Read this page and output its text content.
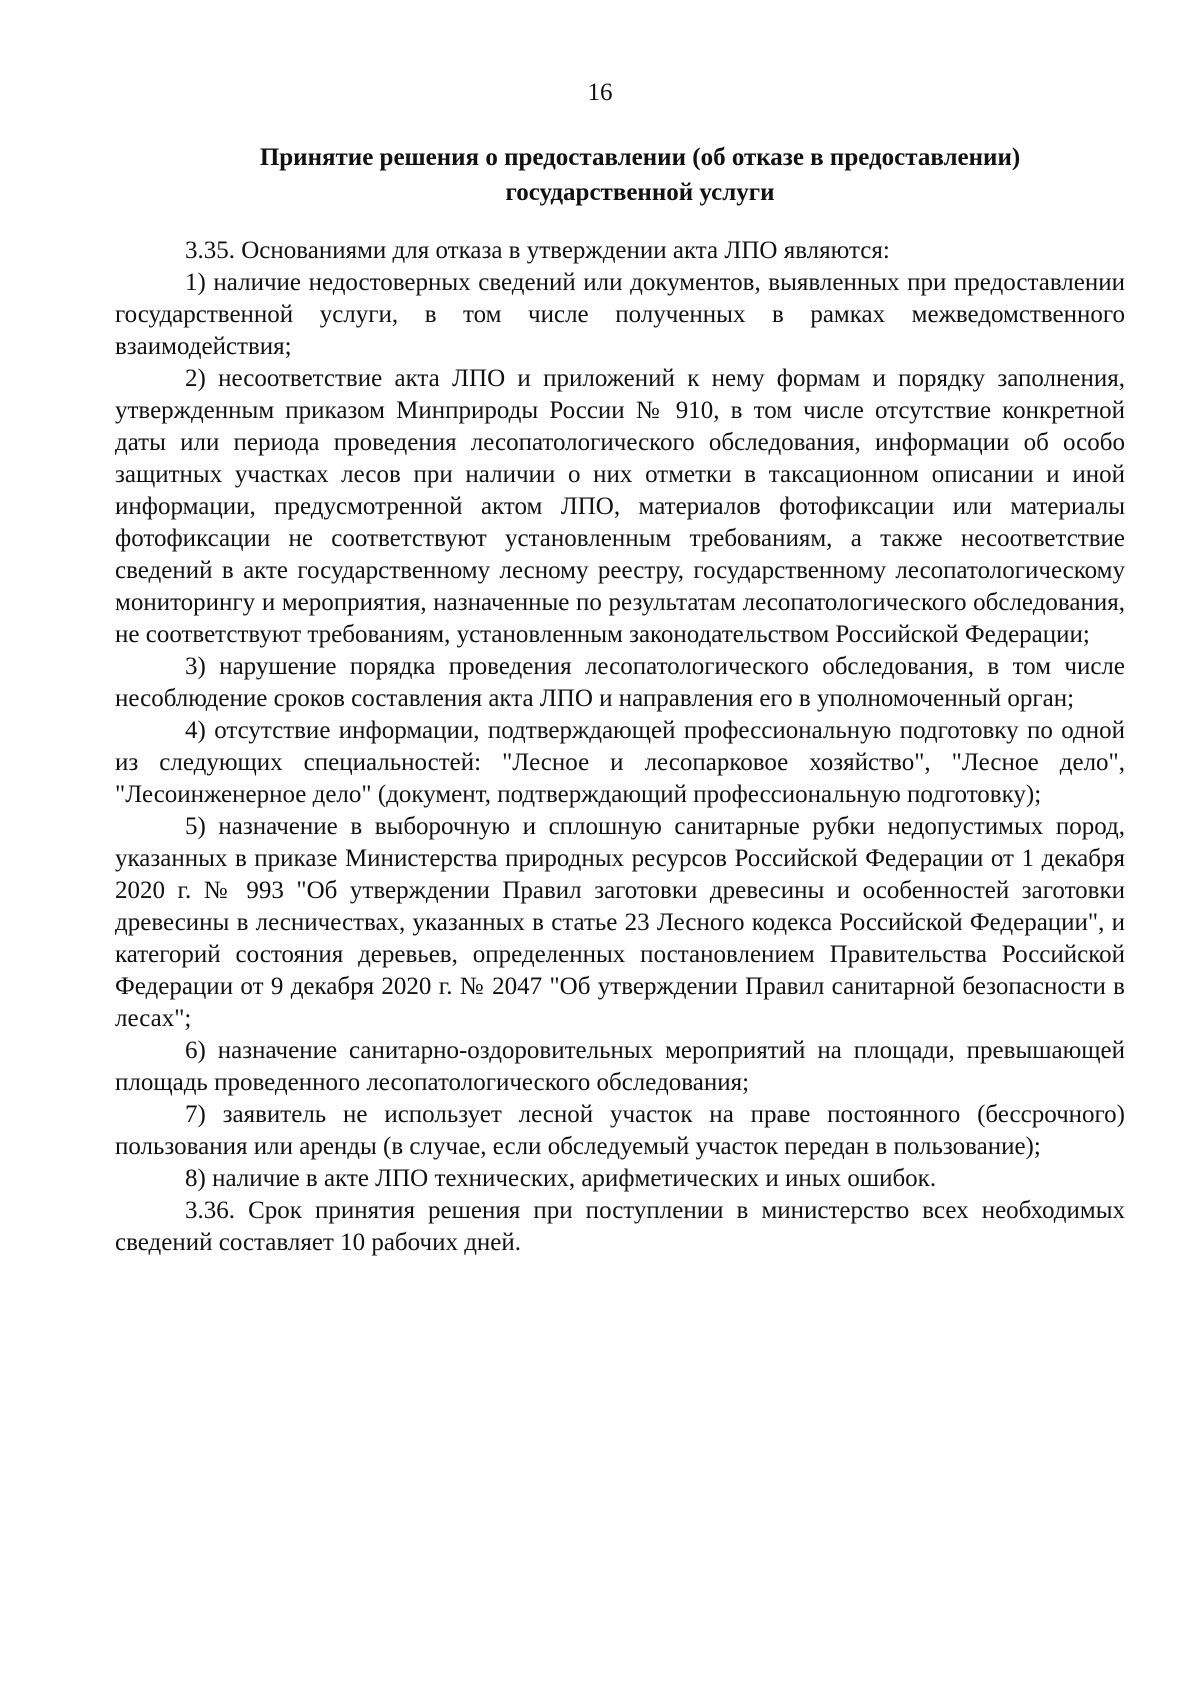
16
Принятие решения о предоставлении (об отказе в предоставлении)
государственной услуги

3.35. Основаниями для отказа в утверждении акта ЛПО являются:

1) наличие недостоверных сведений или документов, выявленных при предоставлении государственной услуги, в том числе полученных в рамках межведомственного взаимодействия;

2) несоответствие акта ЛПО и приложений к нему формам и порядку заполнения, утвержденным приказом Минприроды России № 910, в том числе отсутствие конкретной даты или периода проведения лесопатологического обследования, информации об особо защитных участках лесов при наличии о них отметки в таксационном описании и иной информации, предусмотренной актом ЛПО, материалов фотофиксации или материалы фотофиксации не соответствуют установленным требованиям, а также несоответствие сведений в акте государственному лесному реестру, государственному лесопатологическому мониторингу и мероприятия, назначенные по результатам лесопатологического обследования, не соответствуют требованиям, установленным законодательством Российской Федерации;

3) нарушение порядка проведения лесопатологического обследования, в том числе несоблюдение сроков составления акта ЛПО и направления его в уполномоченный орган;

4) отсутствие информации, подтверждающей профессиональную подготовку по одной из следующих специальностей: "Лесное и лесопарковое хозяйство", "Лесное дело", "Лесоинженерное дело" (документ, подтверждающий профессиональную подготовку);

5) назначение в выборочную и сплошную санитарные рубки недопустимых пород, указанных в приказе Министерства природных ресурсов Российской Федерации от 1 декабря 2020 г. № 993 "Об утверждении Правил заготовки древесины и особенностей заготовки древесины в лесничествах, указанных в статье 23 Лесного кодекса Российской Федерации", и категорий состояния деревьев, определенных постановлением Правительства Российской Федерации от 9 декабря 2020 г. № 2047 "Об утверждении Правил санитарной безопасности в лесах";

6) назначение санитарно-оздоровительных мероприятий на площади, превышающей площадь проведенного лесопатологического обследования;

7) заявитель не использует лесной участок на праве постоянного (бессрочного) пользования или аренды (в случае, если обследуемый участок передан в пользование);

8) наличие в акте ЛПО технических, арифметических и иных ошибок.

3.36. Срок принятия решения при поступлении в министерство всех необходимых сведений составляет 10 рабочих дней.
